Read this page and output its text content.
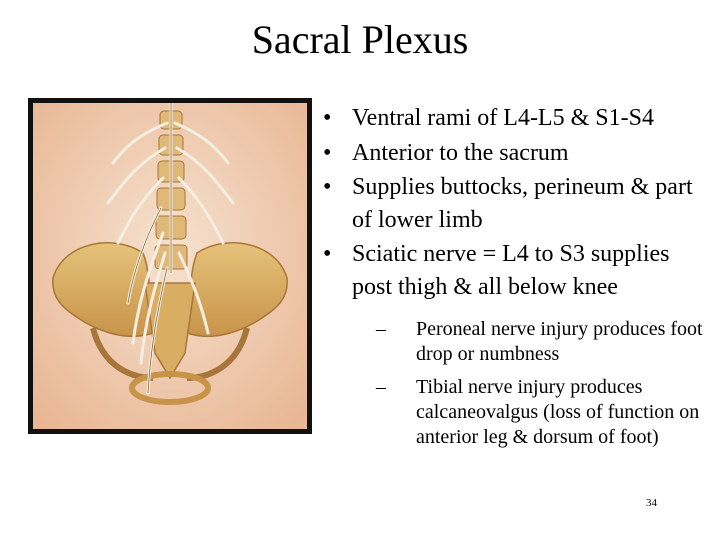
Sacral Plexus
• Ventral rami of L4-L5 & S1-S4
• Anterior to the sacrum
• Supplies buttocks, perineum & part of lower limb
• Sciatic nerve = L4 to S3 supplies post thigh & all below knee
– Peroneal nerve injury produces foot drop or numbness
– Tibial nerve injury produces calcaneovalgus (loss of function on anterior leg & dorsum of foot)
34
